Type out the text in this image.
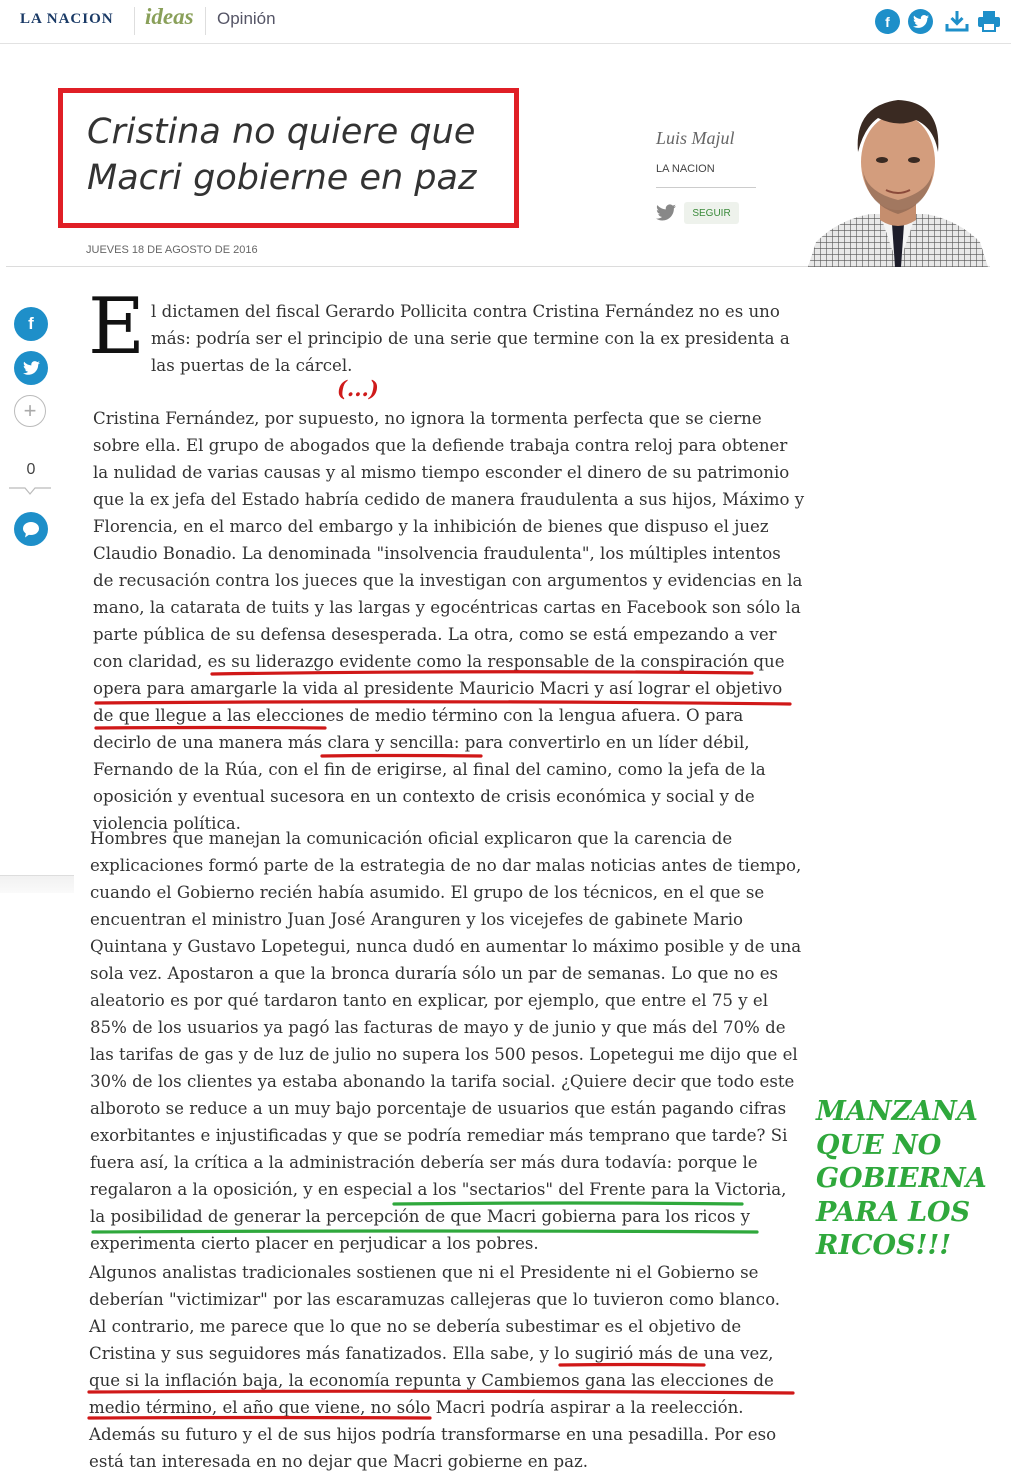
LA NACION ideas Opinión	f
Cristina no quiere que Macri gobierne en paz
JUEVES 18 DE AGOSTO DE 2016
Luis Majul
LA NACION
SEGUIR
f
+
0
E l dictamen del fiscal Gerardo Pollicita contra Cristina Fernández no es uno más: podría ser el principio de una serie que termine con la ex presidenta a las puertas de la cárcel.
(...)
Cristina Fernández, por supuesto, no ignora la tormenta perfecta que se cierne sobre ella. El grupo de abogados que la defiende trabaja contra reloj para obtener la nulidad de varias causas y al mismo tiempo esconder el dinero de su patrimonio que la ex jefa del Estado habría cedido de manera fraudulenta a sus hijos, Máximo y Florencia, en el marco del embargo y la inhibición de bienes que dispuso el juez Claudio Bonadio. La denominada "insolvencia fraudulenta", los múltiples intentos de recusación contra los jueces que la investigan con argumentos y evidencias en la mano, la catarata de tuits y las largas y egocéntricas cartas en Facebook son sólo la parte pública de su defensa desesperada. La otra, como se está empezando a ver con claridad, es su liderazgo evidente como la responsable de la conspiración que opera para amargarle la vida al presidente Mauricio Macri y así lograr el objetivo de que llegue a las elecciones de medio término con la lengua afuera. O para decirlo de una manera más clara y sencilla: para convertirlo en un líder débil, Fernando de la Rúa, con el fin de erigirse, al final del camino, como la jefa de la oposición y eventual sucesora en un contexto de crisis económica y social y de violencia política.
Hombres que manejan la comunicación oficial explicaron que la carencia de explicaciones formó parte de la estrategia de no dar malas noticias antes de tiempo, cuando el Gobierno recién había asumido. El grupo de los técnicos, en el que se encuentran el ministro Juan José Aranguren y los vicejefes de gabinete Mario Quintana y Gustavo Lopetegui, nunca dudó en aumentar lo máximo posible y de una sola vez. Apostaron a que la bronca duraría sólo un par de semanas. Lo que no es aleatorio es por qué tardaron tanto en explicar, por ejemplo, que entre el 75 y el 85% de los usuarios ya pagó las facturas de mayo y de junio y que más del 70% de las tarifas de gas y de luz de julio no supera los 500 pesos. Lopetegui me dijo que el 30% de los clientes ya estaba abonando la tarifa social. ¿Quiere decir que todo este alboroto se reduce a un muy bajo porcentaje de usuarios que están pagando cifras exorbitantes e injustificadas y que se podría remediar más temprano que tarde? Si fuera así, la crítica a la administración debería ser más dura todavía: porque le regalaron a la oposición, y en especial a los "sectarios" del Frente para la Victoria, la posibilidad de generar la percepción de que Macri gobierna para los ricos y experimenta cierto placer en perjudicar a los pobres.
Algunos analistas tradicionales sostienen que ni el Presidente ni el Gobierno se deberían "victimizar" por las escaramuzas callejeras que lo tuvieron como blanco. Al contrario, me parece que lo que no se debería subestimar es el objetivo de Cristina y sus seguidores más fanatizados. Ella sabe, y lo sugirió más de una vez, que si la inflación baja, la economía repunta y Cambiemos gana las elecciones de medio término, el año que viene, no sólo Macri podría aspirar a la reelección. Además su futuro y el de sus hijos podría transformarse en una pesadilla. Por eso está tan interesada en no dejar que Macri gobierne en paz.
MANZANA QUE NO GOBIERNA PARA LOS RICOS!!!
